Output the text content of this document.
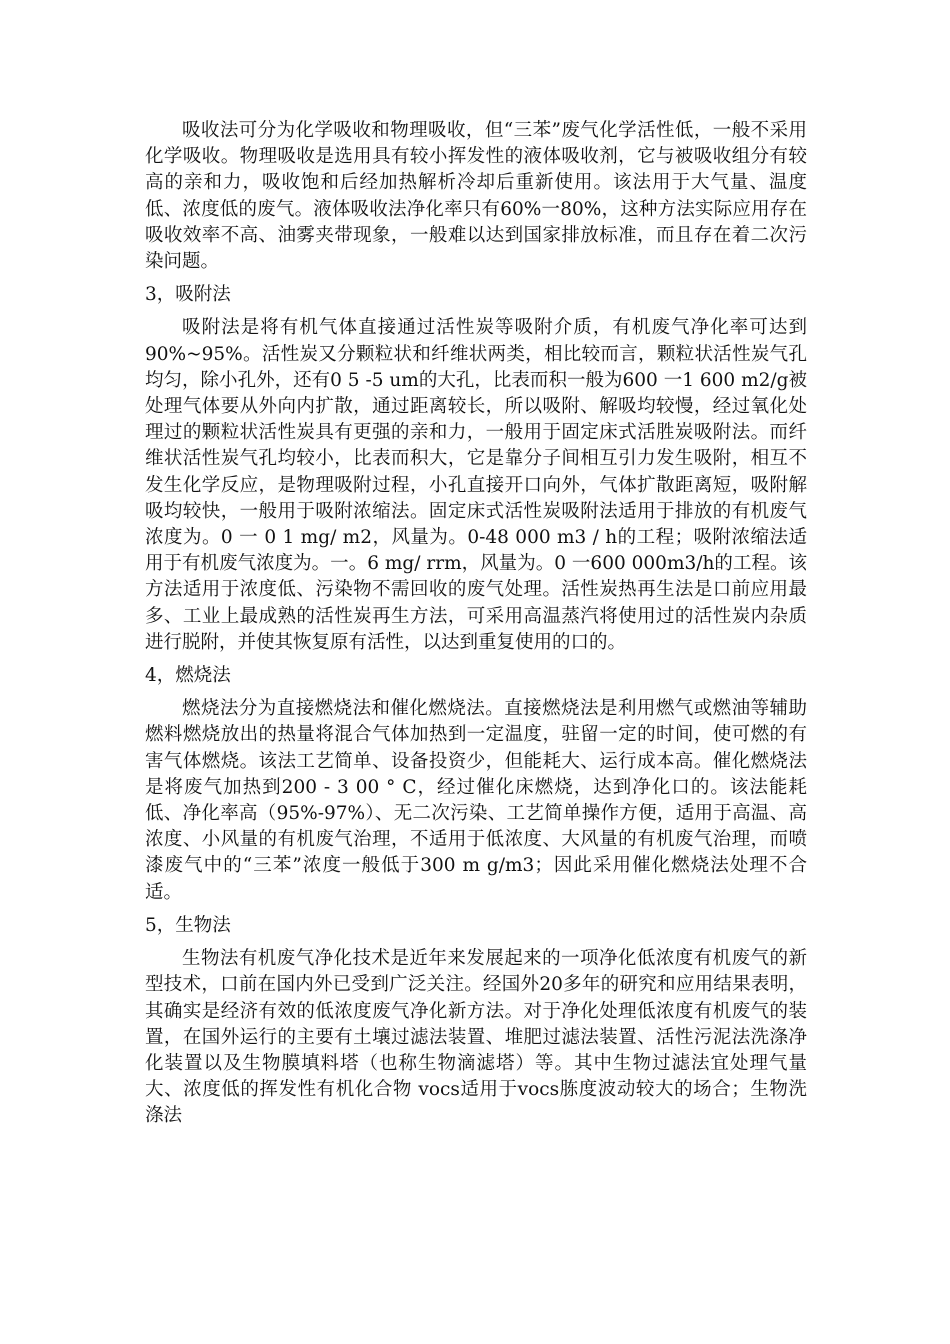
吸收法可分为化学吸收和物理吸收，但“三苯”废气化学活性低，一般不采用化学吸收。物理吸收是选用具有较小挥发性的液体吸收剂，它与被吸收组分有较高的亲和力，吸收饱和后经加热解析冷却后重新使用。该法用于大气量、温度低、浓度低的废气。液体吸收法净化率只有60%一80%，这种方法实际应用存在吸收效率不高、油雾夹带现象，一般难以达到国家排放标准，而且存在着二次污染问题。

3，吸附法

吸附法是将有机气体直接通过活性炭等吸附介质，有机废气净化率可达到90%~95%。活性炭又分颗粒状和纤维状两类，相比较而言，颗粒状活性炭气孔均匀，除小孔外，还有0 5 -5 um的大孔，比表而积一般为600 一1 600 m2/g被处理气体要从外向内扩散，通过距离较长，所以吸附、解吸均较慢，经过氧化处理过的颗粒状活性炭具有更强的亲和力，一般用于固定床式活胜炭吸附法。而纤维状活性炭气孔均较小，比表而积大，它是靠分子间相互引力发生吸附，相互不发生化学反应，是物理吸附过程，小孔直接开口向外，气体扩散距离短，吸附解吸均较快，一般用于吸附浓缩法。固定床式活性炭吸附法适用于排放的有机废气浓度为。0 一 0 1 mg/ m2，风量为。0-48 000 m3 / h的工程；吸附浓缩法适用于有机废气浓度为。一。6 mg/ rrm，风量为。0 一600 000m3/h的工程。该方法适用于浓度低、污染物不需回收的废气处理。活性炭热再生法是口前应用最多、工业上最成熟的活性炭再生方法，可采用高温蒸汽将使用过的活性炭内杂质进行脱附，并使其恢复原有活性，以达到重复使用的口的。

4，燃烧法

燃烧法分为直接燃烧法和催化燃烧法。直接燃烧法是利用燃气或燃油等辅助燃料燃烧放出的热量将混合气体加热到一定温度，驻留一定的时间，使可燃的有害气体燃烧。该法工艺简单、设备投资少，但能耗大、运行成本高。催化燃烧法是将废气加热到200 - 3 00 ° C，经过催化床燃烧，达到净化口的。该法能耗低、净化率高（95%-97%）、无二次污染、工艺简单操作方便，适用于高温、高浓度、小风量的有机废气治理，不适用于低浓度、大风量的有机废气治理，而喷漆废气中的“三苯”浓度一般低于300 m g/m3；因此采用催化燃烧法处理不合适。

5，生物法

生物法有机废气净化技术是近年来发展起来的一项净化低浓度有机废气的新型技术，口前在国内外已受到广泛关注。经国外20多年的研究和应用结果表明，其确实是经济有效的低浓度废气净化新方法。对于净化处理低浓度有机废气的装置，在国外运行的主要有土壤过滤法装置、堆肥过滤法装置、活性污泥法洗涤净化装置以及生物膜填料塔（也称生物滴滤塔）等。其中生物过滤法宜处理气量大、浓度低的挥发性有机化合物 vocs适用于vocs胨度波动较大的场合；生物洗涤法
